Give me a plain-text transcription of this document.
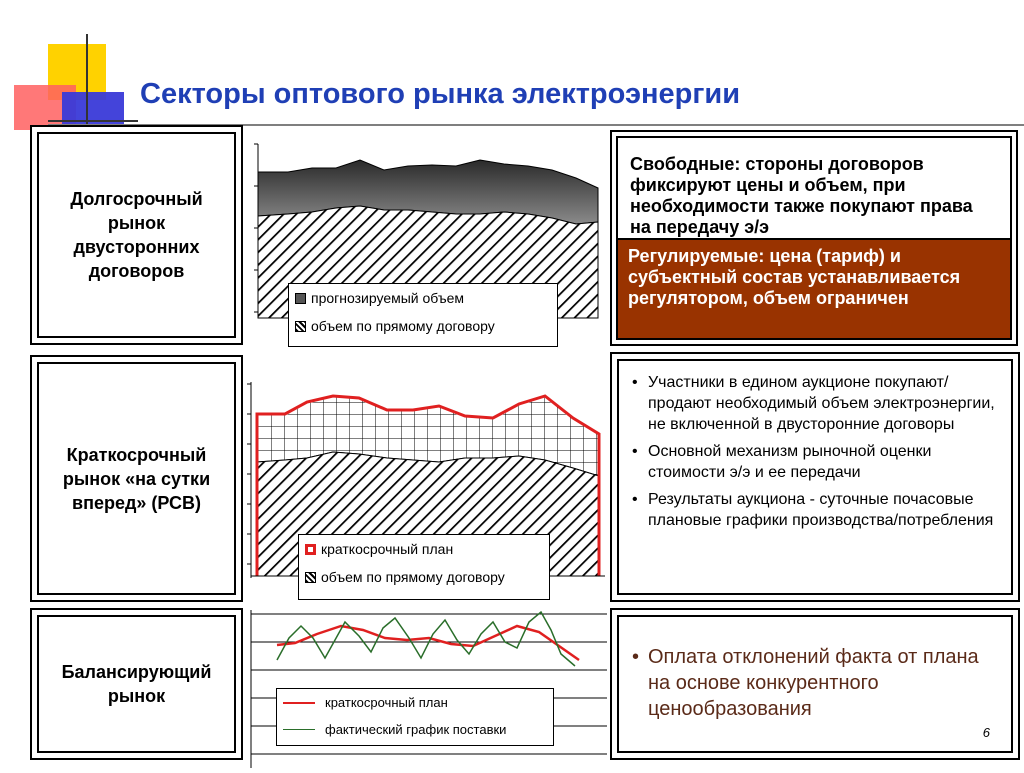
Секторы оптового рынка электроэнергии
Долгосрочный рынок двусторонних договоров
прогнозируемый объем
объем по прямому договору
Свободные: стороны договоров фиксируют цены и объем, при необходимости также покупают права на передачу э/э
Регулируемые: цена (тариф) и субъектный состав устанавливается регулятором, объем ограничен
Краткосрочный рынок «на сутки вперед» (РСВ)
краткосрочный план
объем по прямому договору
• Участники в едином аукционе покупают/продают необходимый объем электроэнергии, не включенной в двусторонние договоры
• Основной механизм рыночной оценки стоимости э/э и ее передачи
• Результаты аукциона - суточные почасовые плановые графики производства/потребления
Балансирующий рынок	краткосрочный план
фактический график поставки
• Оплата отклонений факта от плана на основе конкурентного ценообразования
6
